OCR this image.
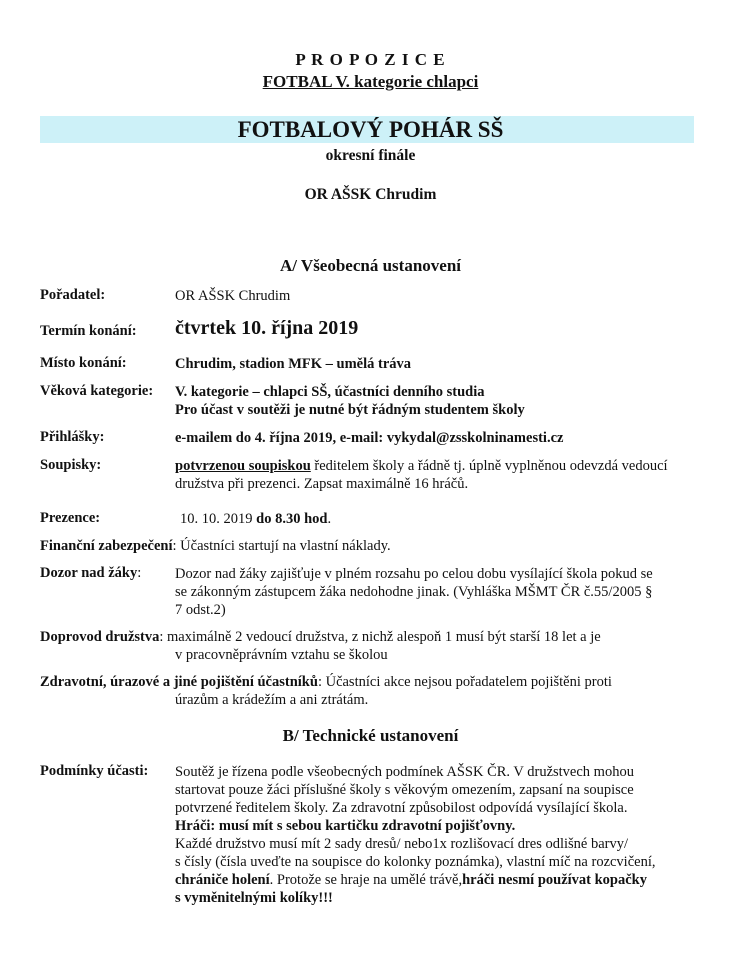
P R O P O Z I C E
FOTBAL V. kategorie chlapci
FOTBALOVÝ POHÁR SŠ
okresní finále
OR AŠSK Chrudim
A/ Všeobecná ustanovení
Pořadatel:	OR AŠSK Chrudim
Termín konání: čtvrtek 10. října 2019
Místo konání:	Chrudim, stadion MFK – umělá tráva
Věková kategorie: V. kategorie – chlapci SŠ, účastníci denního studia
Pro účast v soutěži je nutné být řádným studentem školy
Přihlášky:	e-mailem do 4. října 2019, e-mail: vykydal@zsskolninamesti.cz
Soupisky:	potvrzenou soupiskou ředitelem školy a řádně tj. úplně vyplněnou odevzdá vedoucí
družstva při prezenci. Zapsat maximálně 16 hráčů.
Prezence:	10. 10. 2019 do 8.30 hod.
Finanční zabezpečení: Účastníci startují na vlastní náklady.
Dozor nad žáky: Dozor nad žáky zajišťuje v plném rozsahu po celou dobu vysílající škola pokud se
se zákonným zástupcem žáka nedohodne jinak. (Vyhláška MŠMT ČR č.55/2005 §
7 odst.2)
Doprovod družstva: maximálně 2 vedoucí družstva, z nichž alespoň 1 musí být starší 18 let a je
v pracovněprávním vztahu se školou
Zdravotní, úrazové a jiné pojištění účastníků: Účastníci akce nejsou pořadatelem pojištěni proti
úrazům a krádežím a ani ztrátám.
B/ Technické ustanovení
Podmínky účasti: Soutěž je řízena podle všeobecných podmínek AŠSK ČR. V družstvech mohou
startovat pouze žáci příslušné školy s věkovým omezením, zapsaní na soupisce
potvrzené ředitelem školy. Za zdravotní způsobilost odpovídá vysílající škola.
Hráči: musí mít s sebou kartičku zdravotní pojišťovny.
Každé družstvo musí mít 2 sady dresů/ nebo1x rozlišovací dres odlišné barvy/
s čísly (čísla uveďte na soupisce do kolonky poznámka), vlastní míč na rozcvičení,
chrániče holení. Protože se hraje na umělé trávě,hráči nesmí používat kopačky
s vyměnitelnými kolíky!!!
